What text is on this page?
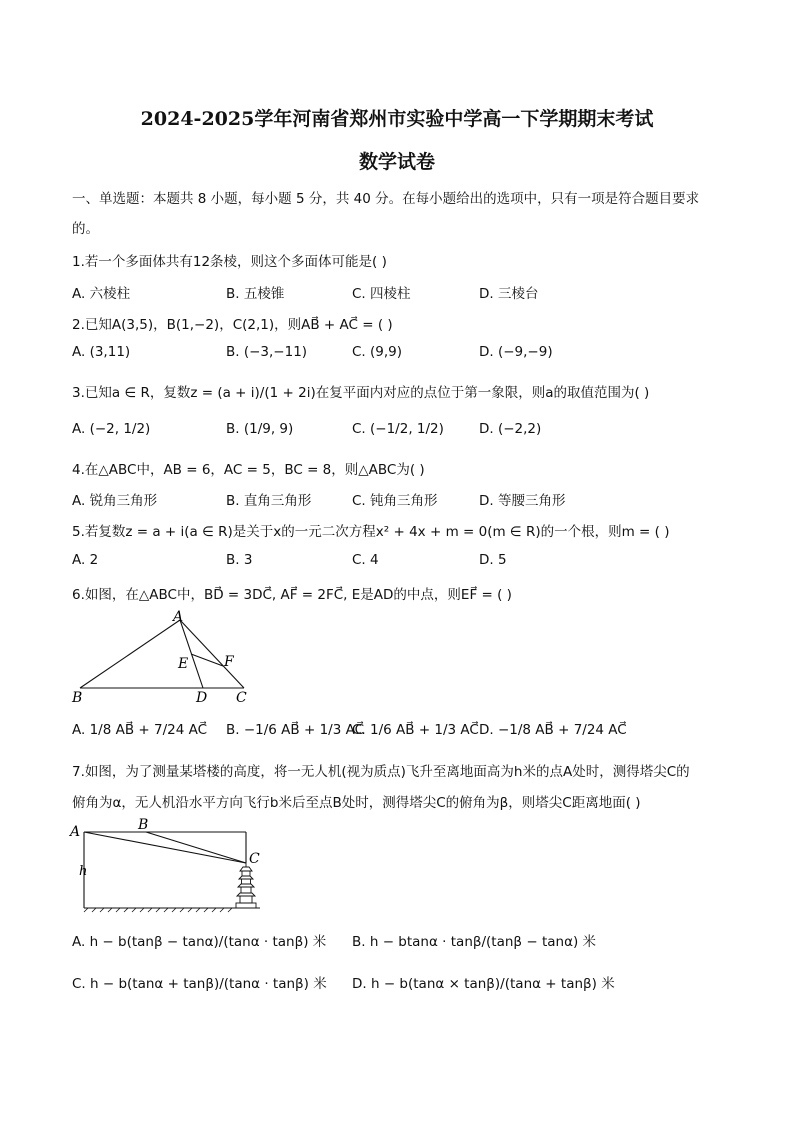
2024-2025学年河南省郑州市实验中学高一下学期期末考试
数学试卷
一、单选题：本题共 8 小题，每小题 5 分，共 40 分。在每小题给出的选项中，只有一项是符合题目要求
的。
1.若一个多面体共有12条棱，则这个多面体可能是( )
A. 六棱柱	B. 五棱锥	C. 四棱柱	D. 三棱台
2.已知A(3,5)，B(1,−2)，C(2,1)，则AB⃗ + AC⃗ = ( )
A. (3,11)	B. (−3,−11)	C. (9,9)	D. (−9,−9)
3.已知a ∈ R，复数z = (a + i)/(1 + 2i)在复平面内对应的点位于第一象限，则a的取值范围为( )
A. (−2, 1/2)	B. (1/9, 9)	C. (−1/2, 1/2)	D. (−2,2)
4.在△ABC中，AB = 6，AC = 5，BC = 8，则△ABC为( )
A. 锐角三角形	B. 直角三角形	C. 钝角三角形	D. 等腰三角形
5.若复数z = a + i(a ∈ R)是关于x的一元二次方程x² + 4x + m = 0(m ∈ R)的一个根，则m = ( )
A. 2	B. 3	C. 4	D. 5
6.如图，在△ABC中，BD⃗ = 3DC⃗, AF⃗ = 2FC⃗, E是AD的中点，则EF⃗ = ( )
A
B	C
D
E	F
A. 1/8 AB⃗ + 7/24 AC⃗ B. −1/6 AB⃗ + 1/3 AC⃗
C. 1/6 AB⃗ + 1/3 AC⃗ D. −1/8 AB⃗ + 7/24 AC⃗
7.如图，为了测量某塔楼的高度，将一无人机(视为质点)飞升至离地面高为h米的点A处时，测得塔尖C的
俯角为α，无人机沿水平方向飞行b米后至点B处时，测得塔尖C的俯角为β，则塔尖C距离地面( )
A	B
C
h
A. h − b(tanβ − tanα)/(tanα · tanβ) 米 B. h − btanα · tanβ/(tanβ − tanα) 米
C. h − b(tanα + tanβ)/(tanα · tanβ) 米 D. h − b(tanα × tanβ)/(tanα + tanβ) 米
